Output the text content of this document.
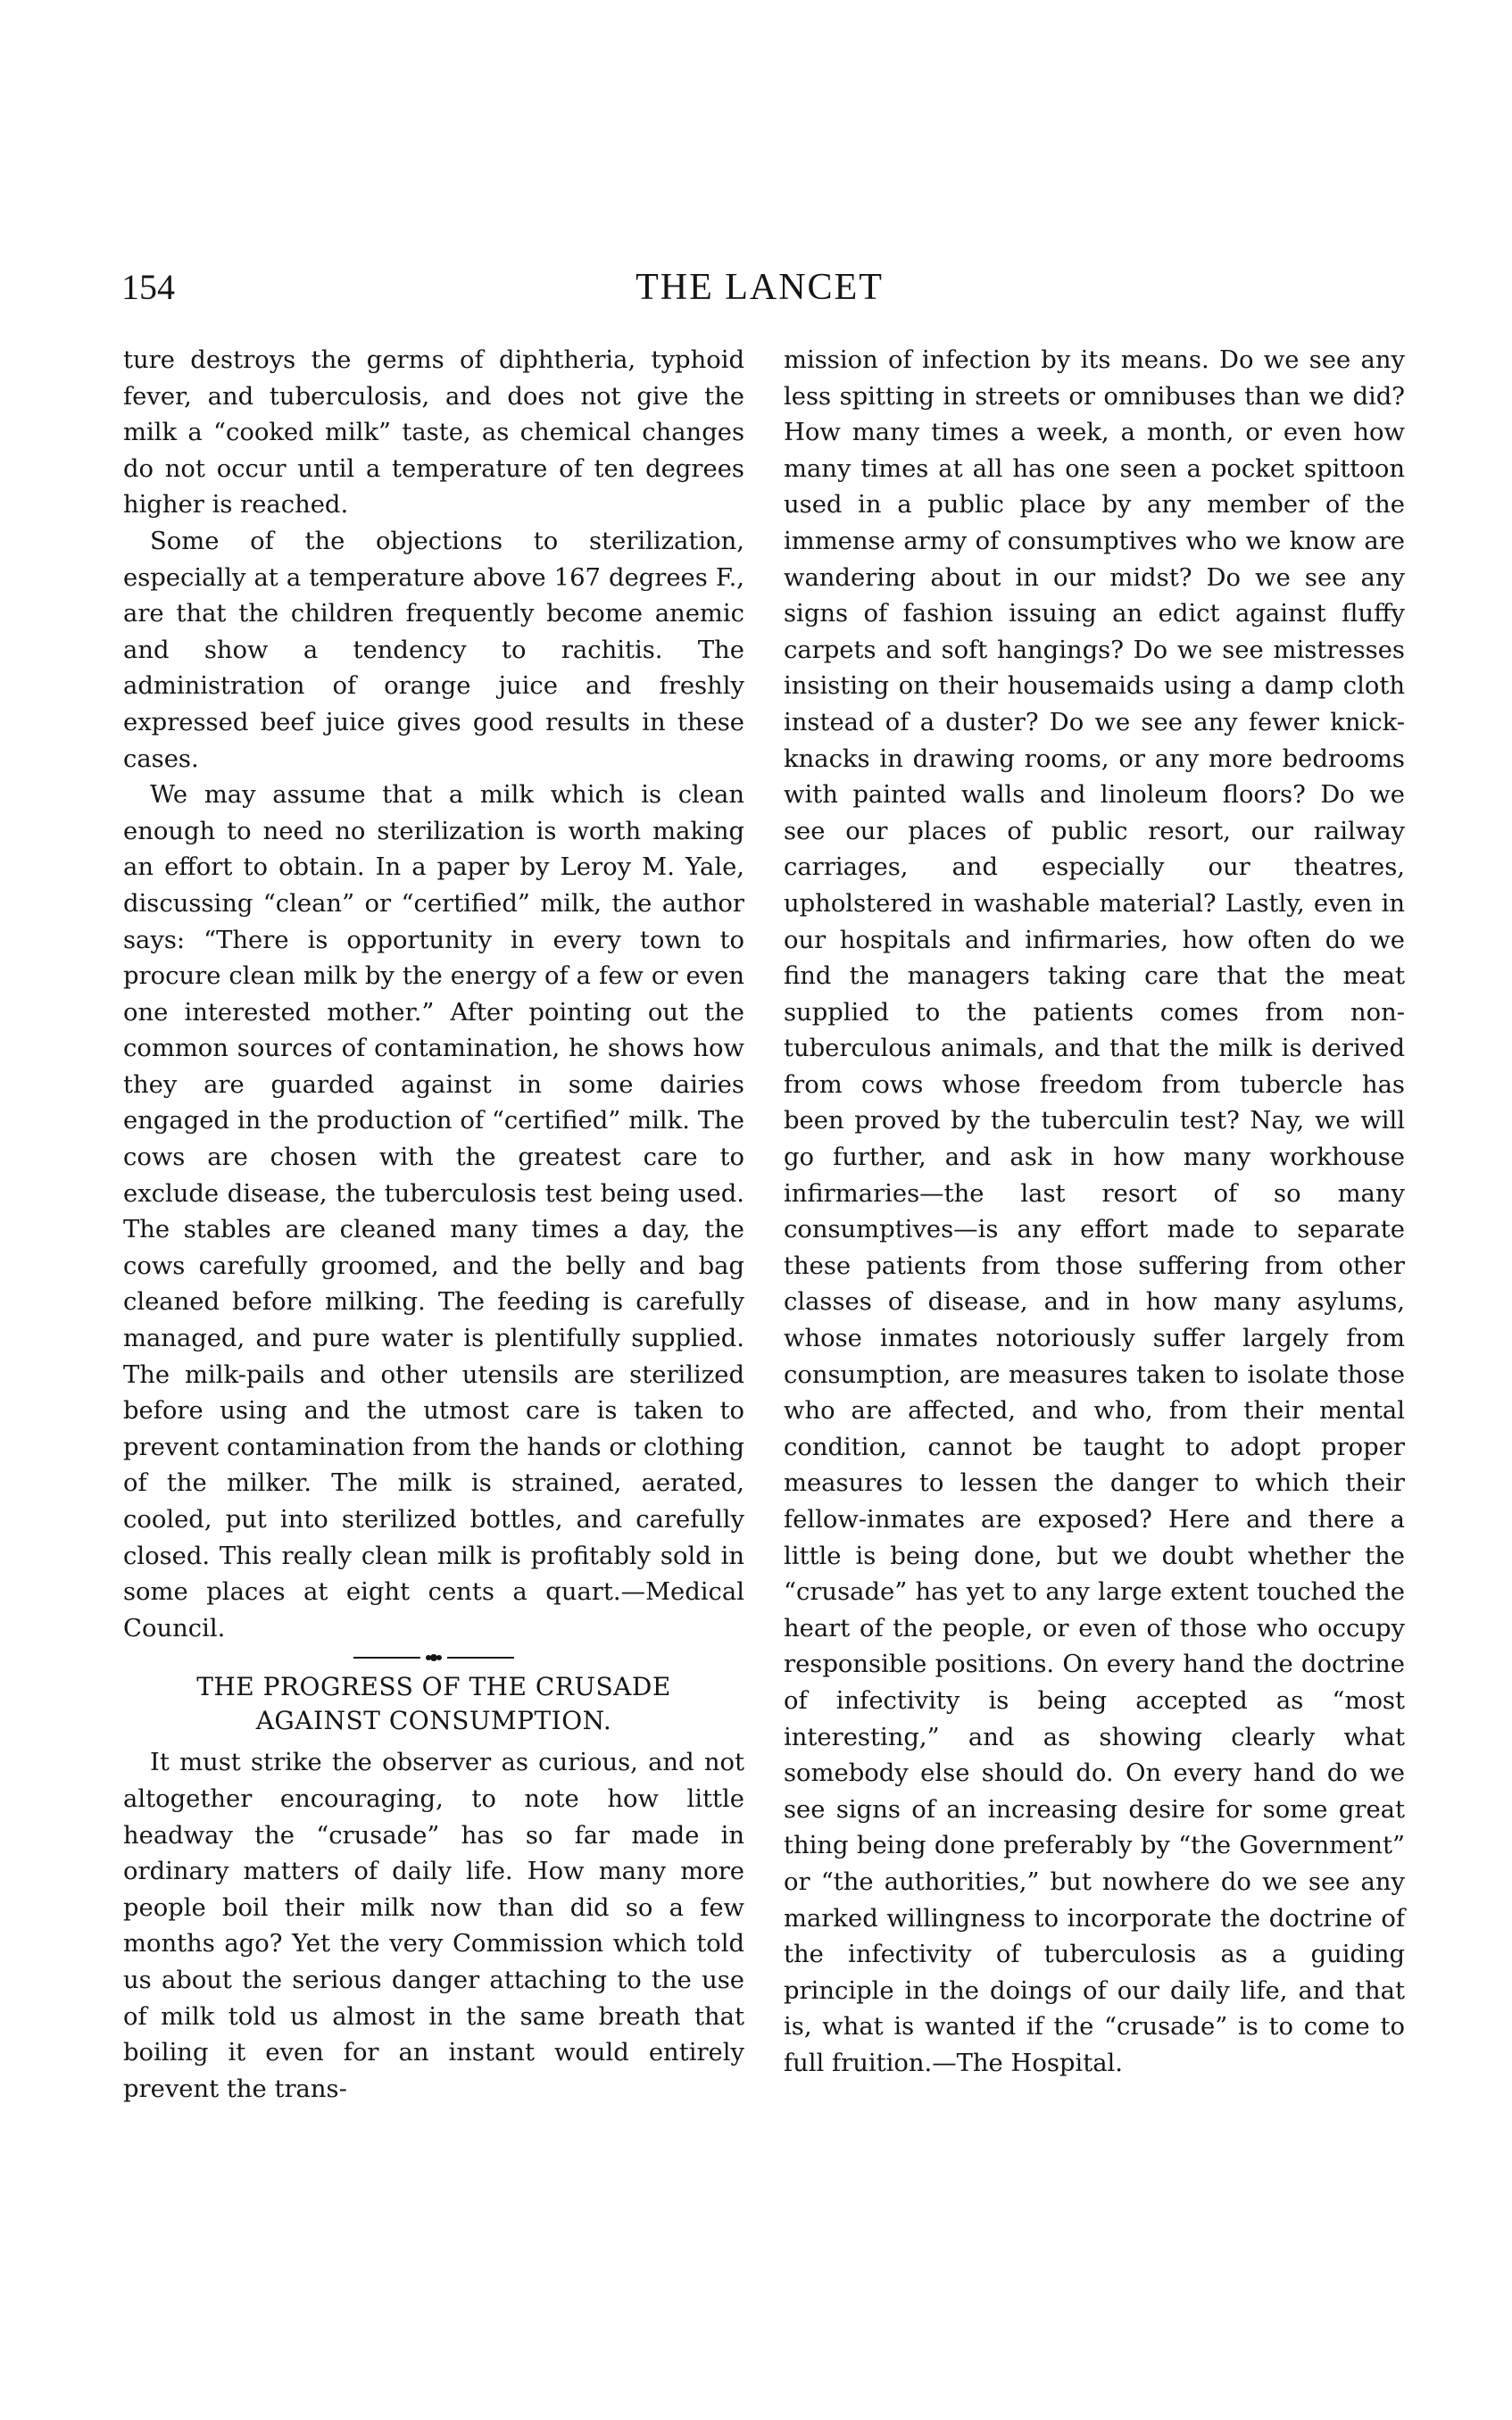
154	THE LANCET

ture destroys the germs of diphtheria, typhoid fever, and tuberculosis, and does not give the milk a “cooked milk” taste, as chemical changes do not occur until a temperature of ten degrees higher is reached.

Some of the objections to sterilization, especially at a temperature above 167 degrees F., are that the children frequently become anemic and show a tendency to rachitis. The administration of orange juice and freshly expressed beef juice gives good results in these cases.

We may assume that a milk which is clean enough to need no sterilization is worth making an effort to obtain. In a paper by Leroy M. Yale, discussing “clean” or “certified” milk, the author says: “There is opportunity in every town to procure clean milk by the energy of a few or even one interested mother.” After pointing out the common sources of contamination, he shows how they are guarded against in some dairies engaged in the production of “certified” milk. The cows are chosen with the greatest care to exclude disease, the tuberculosis test being used. The stables are cleaned many times a day, the cows carefully groomed, and the belly and bag cleaned before milking. The feeding is carefully managed, and pure water is plentifully supplied. The milk-pails and other utensils are sterilized before using and the utmost care is taken to prevent contamination from the hands or clothing of the milker. The milk is strained, aerated, cooled, put into sterilized bottles, and carefully closed. This really clean milk is profitably sold in some places at eight cents a quart.—Medical Council.

THE PROGRESS OF THE CRUSADE
AGAINST CONSUMPTION.

It must strike the observer as curious, and not altogether encouraging, to note how little headway the “crusade” has so far made in ordinary matters of daily life. How many more people boil their milk now than did so a few months ago? Yet the very Commission which told us about the serious danger attaching to the use of milk told us almost in the same breath that boiling it even for an instant would entirely prevent the trans-

mission of infection by its means. Do we see any less spitting in streets or omnibuses than we did? How many times a week, a month, or even how many times at all has one seen a pocket spittoon used in a public place by any member of the immense army of consumptives who we know are wandering about in our midst? Do we see any signs of fashion issuing an edict against fluffy carpets and soft hangings? Do we see mistresses insisting on their housemaids using a damp cloth instead of a duster? Do we see any fewer knick-knacks in drawing rooms, or any more bedrooms with painted walls and linoleum floors? Do we see our places of public resort, our railway carriages, and especially our theatres, upholstered in washable material? Lastly, even in our hospitals and infirmaries, how often do we find the managers taking care that the meat supplied to the patients comes from non-tuberculous animals, and that the milk is derived from cows whose freedom from tubercle has been proved by the tuberculin test? Nay, we will go further, and ask in how many workhouse infirmaries—the last resort of so many consumptives—is any effort made to separate these patients from those suffering from other classes of disease, and in how many asylums, whose inmates notoriously suffer largely from consumption, are measures taken to isolate those who are affected, and who, from their mental condition, cannot be taught to adopt proper measures to lessen the danger to which their fellow-inmates are exposed? Here and there a little is being done, but we doubt whether the “crusade” has yet to any large extent touched the heart of the people, or even of those who occupy responsible positions. On every hand the doctrine of infectivity is being accepted as “most interesting,” and as showing clearly what somebody else should do. On every hand do we see signs of an increasing desire for some great thing being done preferably by “the Government” or “the authorities,” but nowhere do we see any marked willingness to incorporate the doctrine of the infectivity of tuberculosis as a guiding principle in the doings of our daily life, and that is, what is wanted if the “crusade” is to come to full fruition.—The Hospital.
